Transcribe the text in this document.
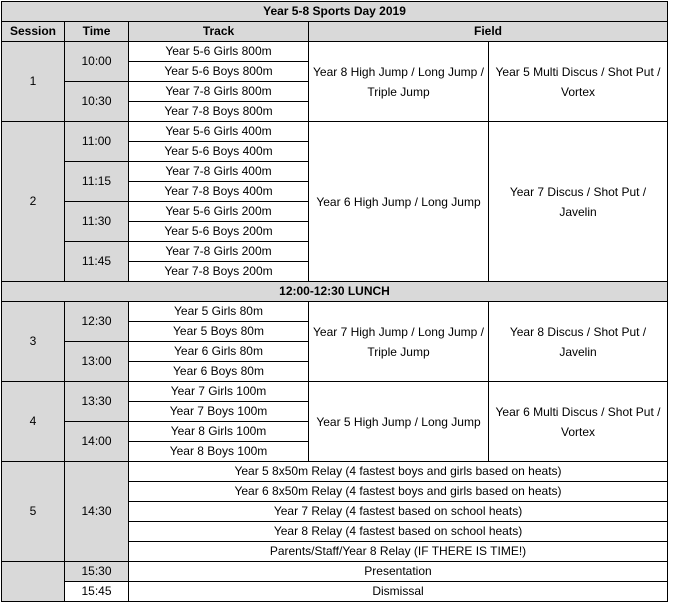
Year 5-8 Sports Day 2019				
Session	Time	Track	Field	
1	10:00	Year 5-6 Girls 800m	Year 8 High Jump / Long Jump / Triple Jump	Year 5 Multi Discus / Shot Put / Vortex
		Year 5-6 Boys 800m		
	10:30	Year 7-8 Girls 800m		
		Year 7-8 Boys 800m		
2	11:00	Year 5-6 Girls 400m	Year 6 High Jump / Long Jump	Year 7 Discus / Shot Put / Javelin
		Year 5-6 Boys 400m		
	11:15	Year 7-8 Girls 400m		
		Year 7-8 Boys 400m		
	11:30	Year 5-6 Girls 200m		
		Year 5-6 Boys 200m		
	11:45	Year 7-8 Girls 200m		
		Year 7-8 Boys 200m		
12:00-12:30 LUNCH				
3	12:30	Year 5 Girls 80m	Year 7 High Jump / Long Jump / Triple Jump	Year 8 Discus / Shot Put / Javelin
		Year 5 Boys 80m		
	13:00	Year 6 Girls 80m		
		Year 6 Boys 80m		
4	13:30	Year 7 Girls 100m	Year 5 High Jump / Long Jump	Year 6 Multi Discus / Shot Put / Vortex
		Year 7 Boys 100m		
	14:00	Year 8 Girls 100m		
		Year 8 Boys 100m		
5	14:30	Year 5 8x50m Relay (4 fastest boys and girls based on heats)		
		Year 6 8x50m Relay (4 fastest boys and girls based on heats)		
		Year 7 Relay (4 fastest based on school heats)		
		Year 8 Relay (4 fastest based on school heats)		
		Parents/Staff/Year 8 Relay (IF THERE IS TIME!)		
	15:30	Presentation		
	15:45	Dismissal		
